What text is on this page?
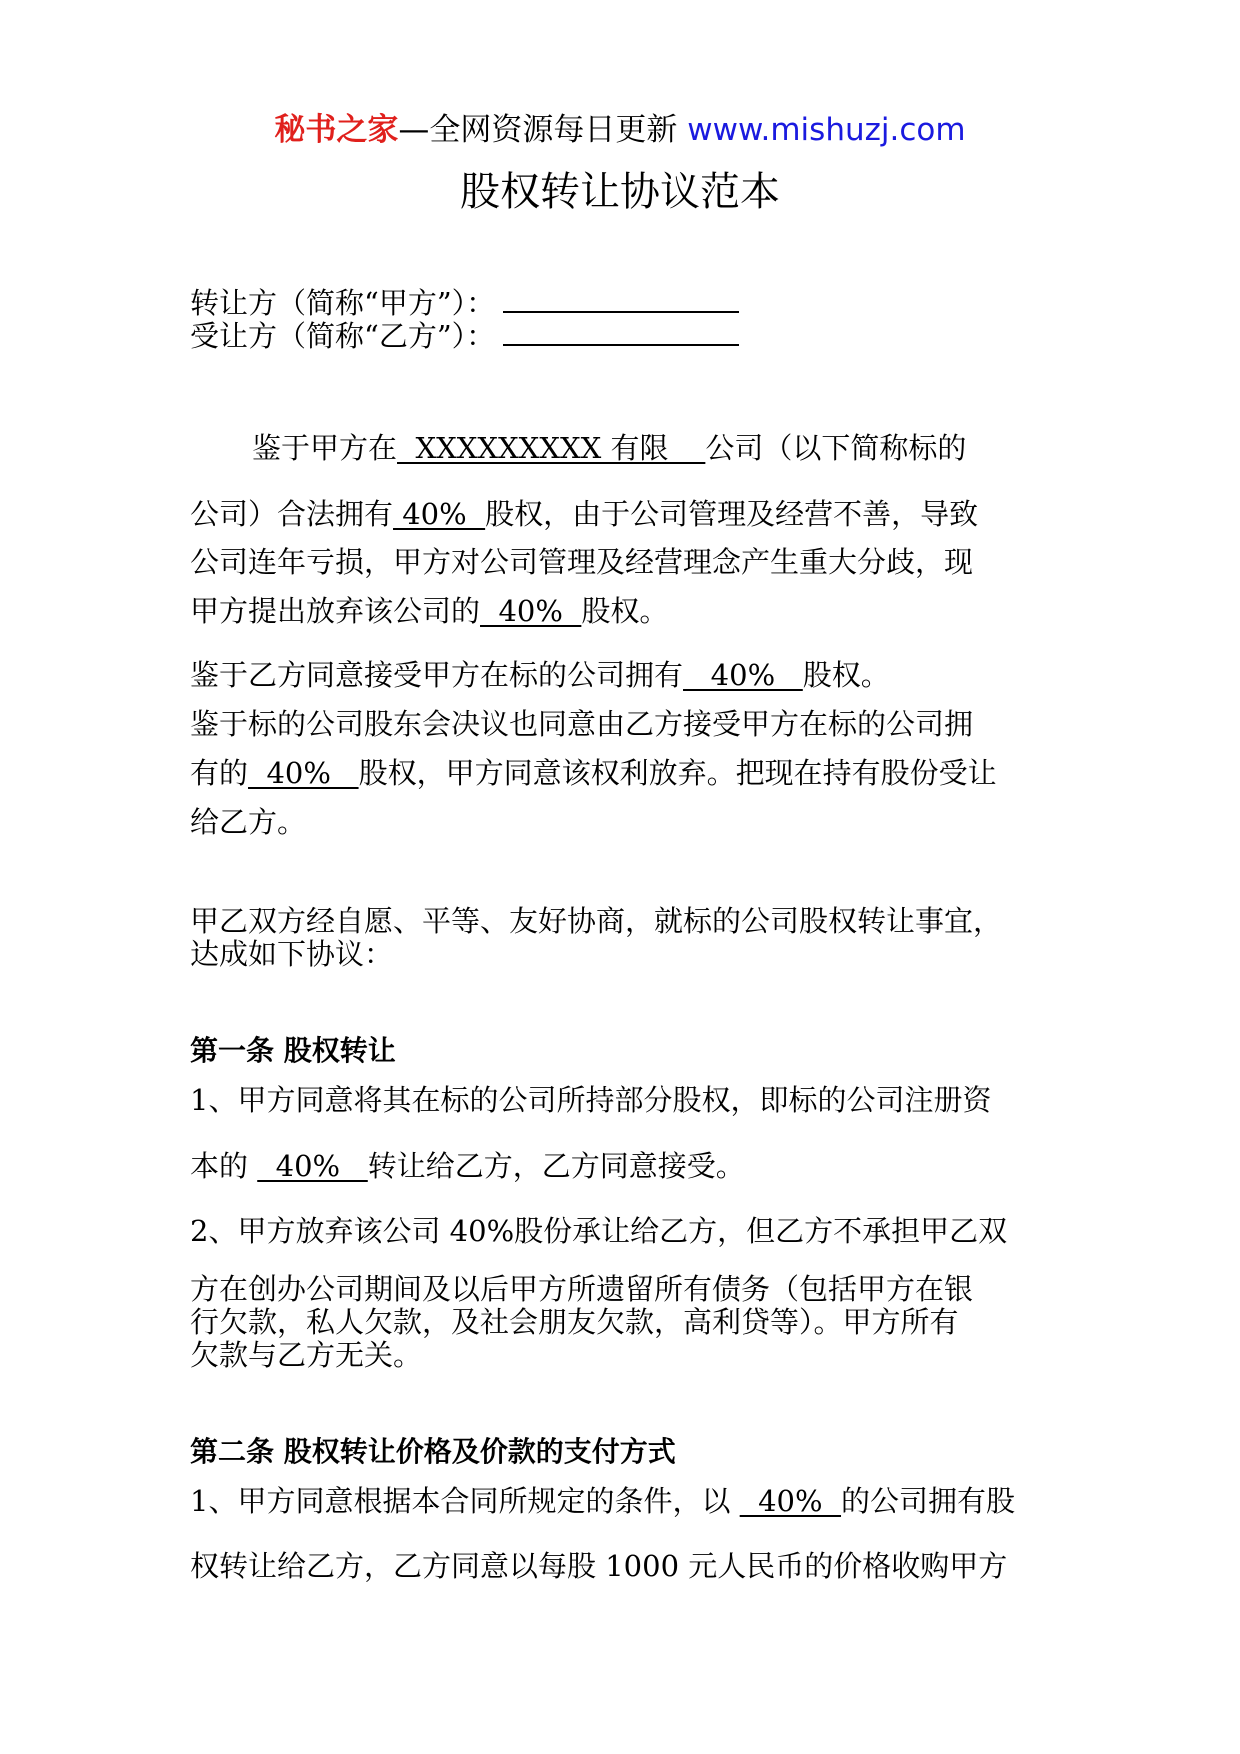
秘书之家—全网资源每日更新 www.mishuzj.com
股权转让协议范本
转让方（简称“甲方”）：
受让方（简称“乙方”）：
鉴于甲方在  XXXXXXXXX 有限    公司（以下简称标的
公司）合法拥有 40%  股权，由于公司管理及经营不善，导致
公司连年亏损，甲方对公司管理及经营理念产生重大分歧，现
甲方提出放弃该公司的  40%  股权。
鉴于乙方同意接受甲方在标的公司拥有   40%   股权。
鉴于标的公司股东会决议也同意由乙方接受甲方在标的公司拥
有的  40%   股权，甲方同意该权利放弃。把现在持有股份受让
给乙方。
甲乙双方经自愿、平等、友好协商，就标的公司股权转让事宜，
达成如下协议：
第一条 股权转让
1、甲方同意将其在标的公司所持部分股权，即标的公司注册资
本的   40%   转让给乙方，乙方同意接受。
2、甲方放弃该公司 40%股份承让给乙方，但乙方不承担甲乙双
方在创办公司期间及以后甲方所遗留所有债务（包括甲方在银
行欠款，私人欠款，及社会朋友欠款，高利贷等）。甲方所有
欠款与乙方无关。
第二条 股权转让价格及价款的支付方式
1、甲方同意根据本合同所规定的条件，以   40%  的公司拥有股
权转让给乙方，乙方同意以每股 1000 元人民币的价格收购甲方
